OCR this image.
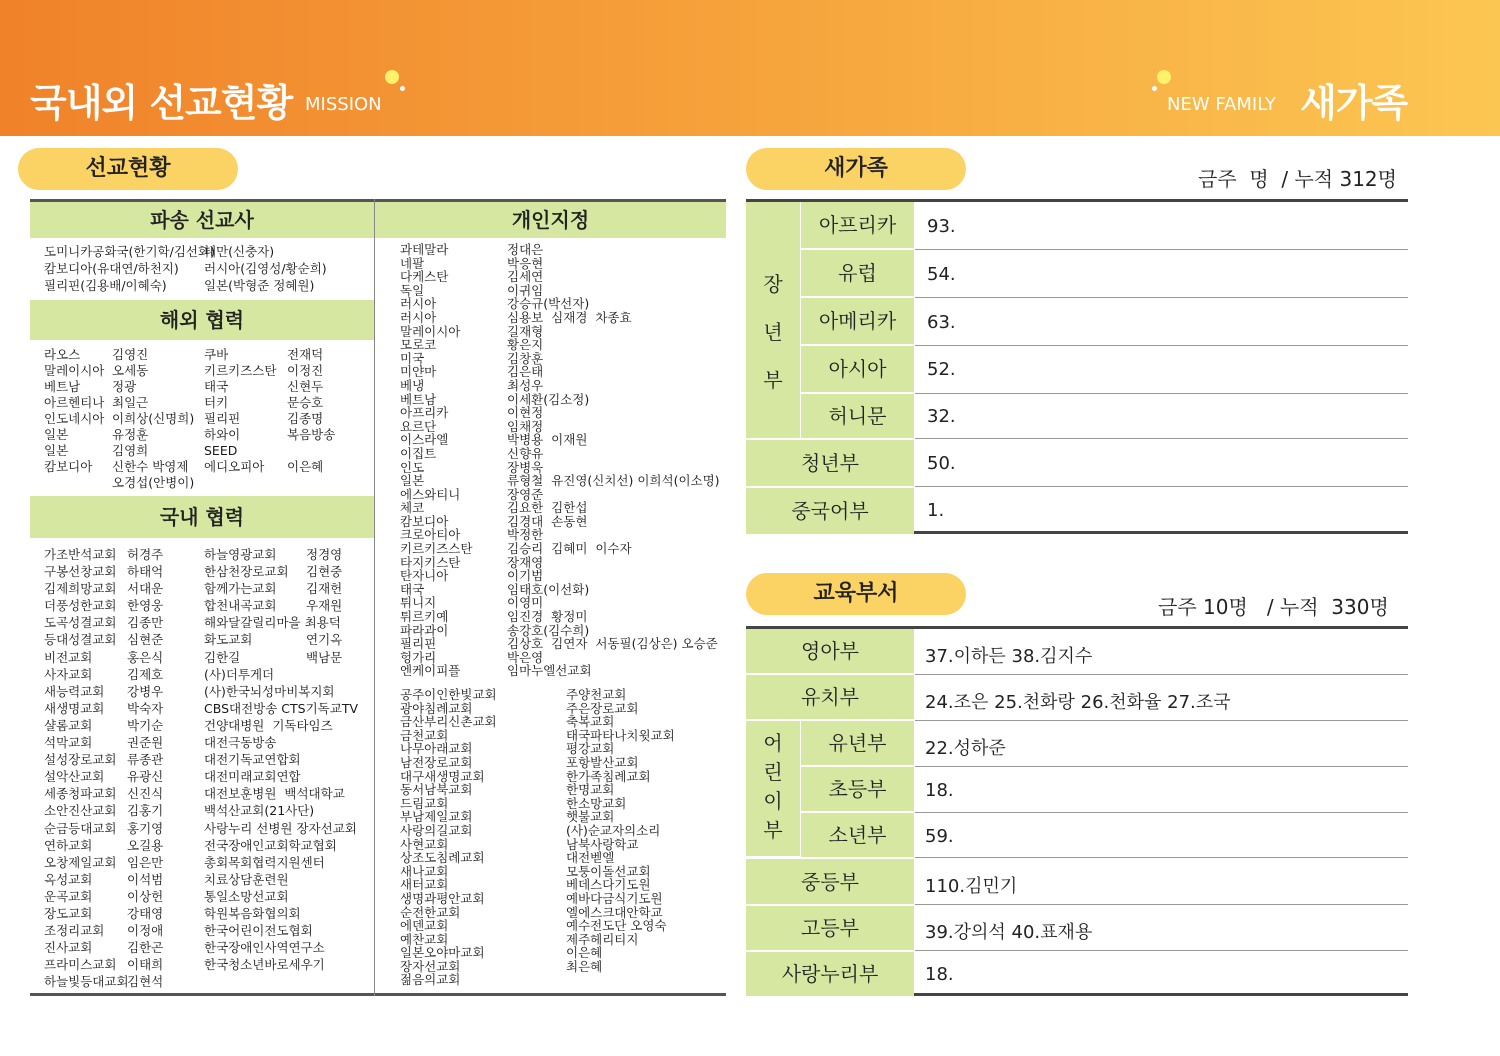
국내외 선교현황 MISSION	NEW FAMILY 새가족
선교현황
파송 선교사
도미니카공화국(한기학/김선화)
캄보디아(유대연/하천지)
필리핀(김용배/이혜숙)
대만(신충자)
러시아(김영성/황순희)
일본(박형준 정혜원)
해외 협력
라오스
말레이시아
베트남
아르헨티나
인도네시아
일본
일본
캄보디아
김영진
오세동
정광
최일근
이희상(신명희)
유정훈
김영희
신한수 박영제
오경섭(안병이)
쿠바
키르키즈스탄
태국
터키
필리핀
하와이
SEED
에디오피아
전재덕
이정진
신현두
문승호
김종명
복음방송

이은혜
국내 협력
가조반석교회
구봉선창교회
김제희망교회
더풍성한교회
도곡성결교회
등대성결교회
비전교회
사자교회
새능력교회
새생명교회
샬롬교회
석막교회
설성장로교회
설악산교회
세종청파교회
소안진산교회
순금등대교회
연하교회
오창제일교회
옥성교회
운곡교회
장도교회
조정리교회
진사교회
프라미스교회
하늘빛등대교회
허경주
하태억
서대운
한영웅
김종만
심현준
홍은식
김제호
강병우
박숙자
박기순
권준원
류종관
유광신
신진식
김홍기
홍기영
오길용
임은만
이석범
이상헌
강태영
이정애
김한곤
이태희
김현석
하늘영광교회
한삼천장로교회
함께가는교회
합천내곡교회
해와달갈릴리마을 최용덕
화도교회
김한길
(사)더투게더
(사)한국뇌성마비복지회
CBS대전방송 CTS기독교TV
건양대병원  기독타임즈
대전극동방송
대전기독교연합회
대전미래교회연합
대전보훈병원  백석대학교
백석산교회(21사단)
사랑누리 선병원 장자선교회
전국장애인교회학교협회
총회목회협력지원센터
치료상담훈련원
통일소망선교회
학원복음화협의회
한국어린이전도협회
한국장애인사역연구소
한국청소년바로세우기
정경영
김현중
김재헌
우재원

연기옥
백남문
개인지정
과테말라
네팔
다케스탄
독일
러시아
러시아
말레이시아
모로코
미국
미얀마
베냉
베트남
아프리카
요르단
이스라엘
이집트
인도
일본
에스와티니
체코
캄보디아
크로아티아
키르키즈스탄
타지키스탄
탄자니아
태국
튀니지
튀르키예
파라과이
필리핀
헝가리
엔케이피플
정대은
박응현
김세연
이귀임
강승규(박선자)
심용보  심재경  차종효
길재형
황은지
김창훈
김은태
최성우
이세환(김소정)
이현정
임채정
박병용  이재원
신향유
장병욱
류형철  유진영(신치선) 이희석(이소명)
장영준
김요한  김한섭
김경대  손동현
박정한
김승리  김혜미  이수자
장재영
이기범
임태호(이선화)
이영미
임진경  황정미
송강호(김수희)
김상호  김연자  서동필(김상은) 오승준
박은영
임마누엘선교회
공주이인한빛교회
광야침례교회
금산부리신촌교회
금천교회
나무아래교회
남전장로교회
대구새생명교회
동서남북교회
드림교회
부남제일교회
사랑의길교회
사현교회
상조도침례교회
새나교회
새터교회
생명과평안교회
순전한교회
에덴교회
예찬교회
일본오야마교회
장자선교회
젊음의교회
주양천교회
주은장로교회
축복교회
태국파타나치윗교회
평강교회
포항발산교회
한가족침례교회
한명교회
한소망교회
햇불교회
(사)순교자의소리
남북사랑학교
대전벧엘
모퉁이돌선교회
베데스다기도원
예바다금식기도원
엘에스크대안학교
예수전도단 오영숙
제주헤리티지
이은혜
최은혜
새가족	금주  명  / 누적 312명
장
년
부
아프리카
유럽
아메리카
아시아
허니문
청년부
중국어부
93.
54.
63.
52.
32.
50.
1.
교육부서
금주 10명   / 누적  330명
영아부
유치부
어
린
이
부
유년부
초등부
소년부
중등부
고등부
사랑누리부
37.이하든 38.김지수
24.조은 25.천화랑 26.천화율 27.조국
22.성하준
18.
59.
110.김민기
39.강의석 40.표재용
18.
